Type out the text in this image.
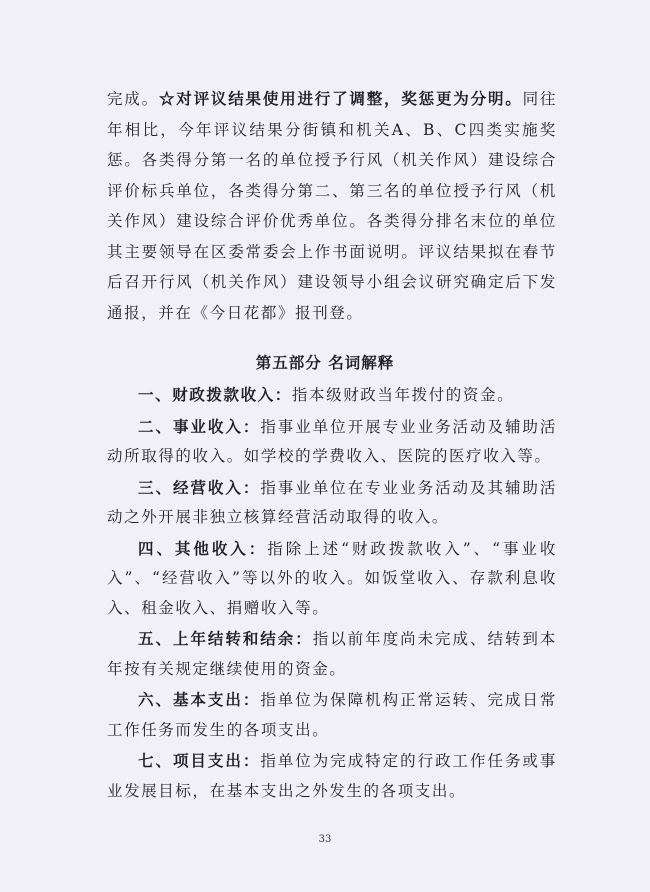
完成。☆对评议结果使用进行了调整，奖惩更为分明。同往年相比，今年评议结果分街镇和机关A、B、C四类实施奖惩。各类得分第一名的单位授予行风（机关作风）建设综合评价标兵单位，各类得分第二、第三名的单位授予行风（机关作风）建设综合评价优秀单位。各类得分排名末位的单位其主要领导在区委常委会上作书面说明。评议结果拟在春节后召开行风（机关作风）建设领导小组会议研究确定后下发通报，并在《今日花都》报刊登。

第五部分 名词解释

一、财政拨款收入：指本级财政当年拨付的资金。

二、事业收入：指事业单位开展专业业务活动及辅助活动所取得的收入。如学校的学费收入、医院的医疗收入等。

三、经营收入：指事业单位在专业业务活动及其辅助活动之外开展非独立核算经营活动取得的收入。

四、其他收入：指除上述“财政拨款收入”、“事业收入”、“经营收入”等以外的收入。如饭堂收入、存款利息收入、租金收入、捐赠收入等。

五、上年结转和结余：指以前年度尚未完成、结转到本年按有关规定继续使用的资金。

六、基本支出：指单位为保障机构正常运转、完成日常工作任务而发生的各项支出。

七、项目支出：指单位为完成特定的行政工作任务或事业发展目标，在基本支出之外发生的各项支出。

33
